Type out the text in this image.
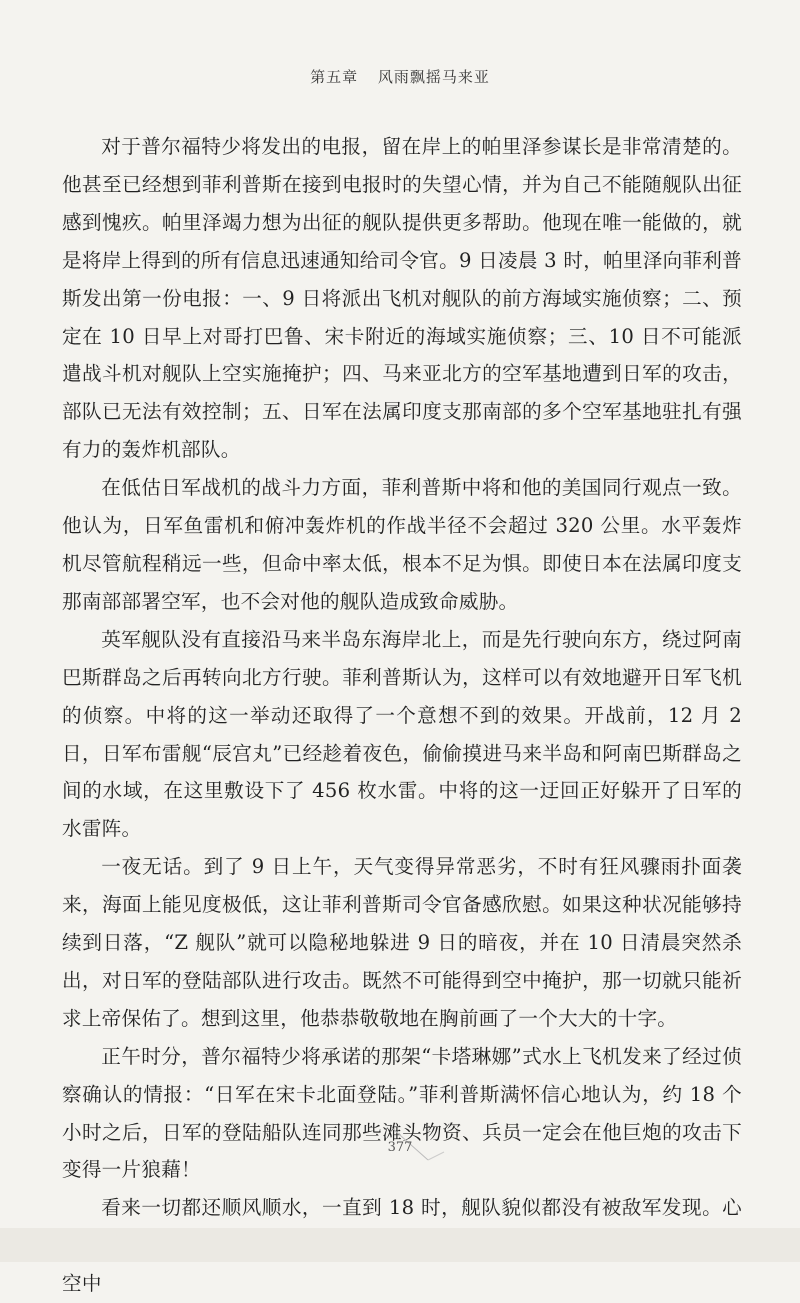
第五章 风雨飘摇马来亚

对于普尔福特少将发出的电报，留在岸上的帕里泽参谋长是非常清楚的。他甚至已经想到菲利普斯在接到电报时的失望心情，并为自己不能随舰队出征感到愧疚。帕里泽竭力想为出征的舰队提供更多帮助。他现在唯一能做的，就是将岸上得到的所有信息迅速通知给司令官。9 日凌晨 3 时，帕里泽向菲利普斯发出第一份电报：一、9 日将派出飞机对舰队的前方海域实施侦察；二、预定在 10 日早上对哥打巴鲁、宋卡附近的海域实施侦察；三、10 日不可能派遣战斗机对舰队上空实施掩护；四、马来亚北方的空军基地遭到日军的攻击，部队已无法有效控制；五、日军在法属印度支那南部的多个空军基地驻扎有强有力的轰炸机部队。

在低估日军战机的战斗力方面，菲利普斯中将和他的美国同行观点一致。他认为，日军鱼雷机和俯冲轰炸机的作战半径不会超过 320 公里。水平轰炸机尽管航程稍远一些，但命中率太低，根本不足为惧。即使日本在法属印度支那南部部署空军，也不会对他的舰队造成致命威胁。

英军舰队没有直接沿马来半岛东海岸北上，而是先行驶向东方，绕过阿南巴斯群岛之后再转向北方行驶。菲利普斯认为，这样可以有效地避开日军飞机的侦察。中将的这一举动还取得了一个意想不到的效果。开战前，12 月 2 日，日军布雷舰“辰宫丸”已经趁着夜色，偷偷摸进马来半岛和阿南巴斯群岛之间的水域，在这里敷设下了 456 枚水雷。中将的这一迂回正好躲开了日军的水雷阵。

一夜无话。到了 9 日上午，天气变得异常恶劣，不时有狂风骤雨扑面袭来，海面上能见度极低，这让菲利普斯司令官备感欣慰。如果这种状况能够持续到日落，“Z 舰队”就可以隐秘地躲进 9 日的暗夜，并在 10 日清晨突然杀出，对日军的登陆部队进行攻击。既然不可能得到空中掩护，那一切就只能祈求上帝保佑了。想到这里，他恭恭敬敬地在胸前画了一个大大的十字。

正午时分，普尔福特少将承诺的那架“卡塔琳娜”式水上飞机发来了经过侦察确认的情报：“日军在宋卡北面登陆。”菲利普斯满怀信心地认为，约 18 个小时之后，日军的登陆船队连同那些滩头物资、兵员一定会在他巨炮的攻击下变得一片狼藉！

看来一切都还顺风顺水，一直到 18 时，舰队貌似都没有被敌军发现。心 空中

377
